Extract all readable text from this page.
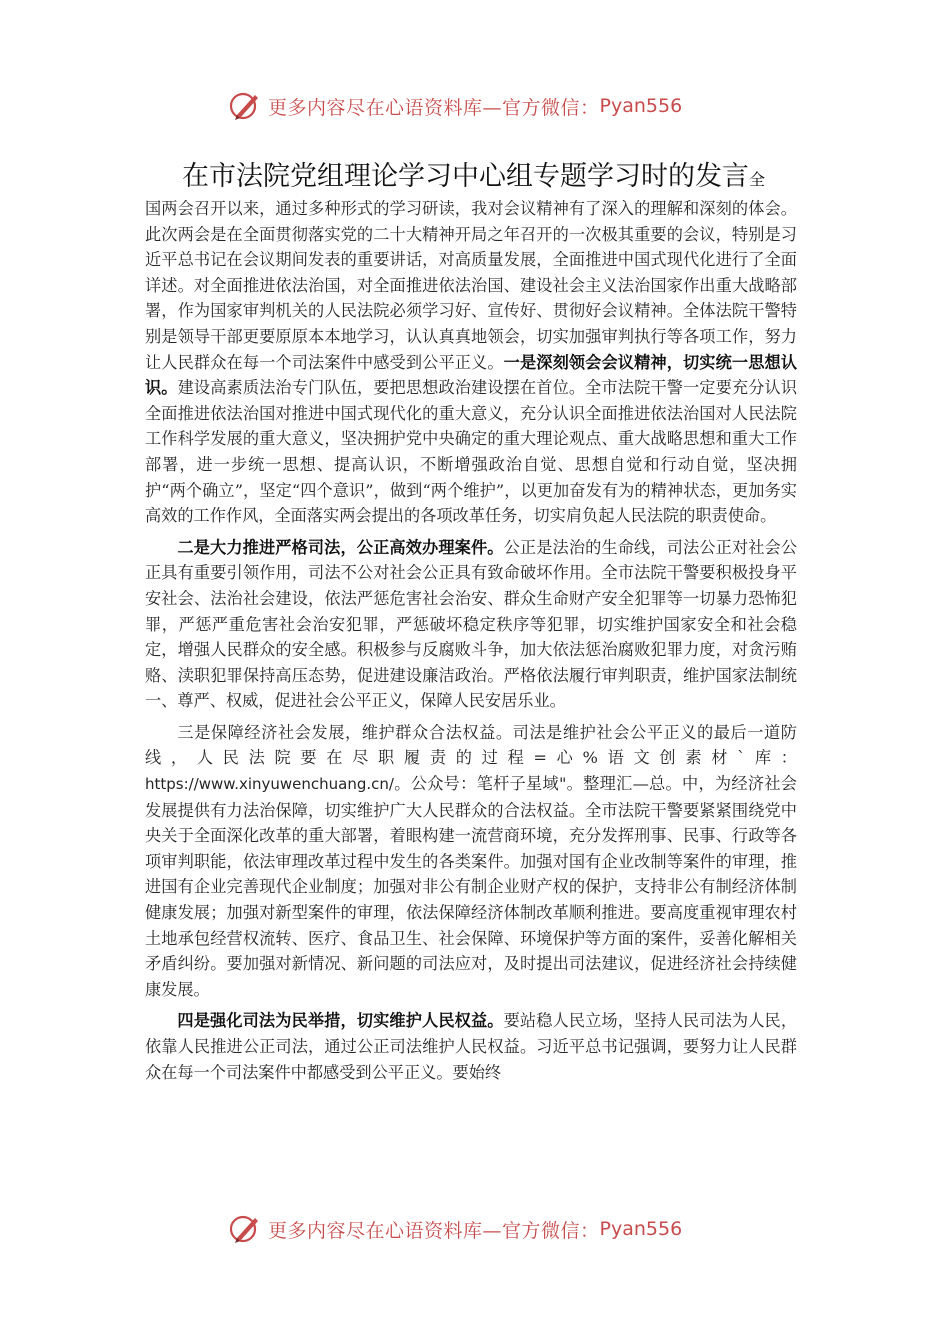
更多内容尽在心语资料库—官方微信： Pyan556
在市法院党组理论学习中心组专题学习时的发言全

国两会召开以来，通过多种形式的学习研读，我对会议精神有了深入的理解和深刻的体会。此次两会是在全面贯彻落实党的二十大精神开局之年召开的一次极其重要的会议，特别是习近平总书记在会议期间发表的重要讲话，对高质量发展，全面推进中国式现代化进行了全面详述。对全面推进依法治国，对全面推进依法治国、建设社会主义法治国家作出重大战略部署，作为国家审判机关的人民法院必须学习好、宣传好、贯彻好会议精神。全体法院干警特别是领导干部更要原原本本地学习，认认真真地领会，切实加强审判执行等各项工作，努力让人民群众在每一个司法案件中感受到公平正义。一是深刻领会会议精神，切实统一思想认识。建设高素质法治专门队伍，要把思想政治建设摆在首位。全市法院干警一定要充分认识全面推进依法治国对推进中国式现代化的重大意义，充分认识全面推进依法治国对人民法院工作科学发展的重大意义，坚决拥护党中央确定的重大理论观点、重大战略思想和重大工作部署，进一步统一思想、提高认识，不断增强政治自觉、思想自觉和行动自觉，坚决拥护“两个确立”，坚定“四个意识”，做到“两个维护”，以更加奋发有为的精神状态，更加务实高效的工作作风，全面落实两会提出的各项改革任务，切实肩负起人民法院的职责使命。

二是大力推进严格司法，公正高效办理案件。公正是法治的生命线，司法公正对社会公正具有重要引领作用，司法不公对社会公正具有致命破坏作用。全市法院干警要积极投身平安社会、法治社会建设，依法严惩危害社会治安、群众生命财产安全犯罪等一切暴力恐怖犯罪，严惩严重危害社会治安犯罪，严惩破坏稳定秩序等犯罪，切实维护国家安全和社会稳定，增强人民群众的安全感。积极参与反腐败斗争，加大依法惩治腐败犯罪力度，对贪污贿赂、渎职犯罪保持高压态势，促进建设廉洁政治。严格依法履行审判职责，维护国家法制统一、尊严、权威，促进社会公平正义，保障人民安居乐业。

三是保障经济社会发展，维护群众合法权益。司法是维护社会公平正义的最后一道防线，人民法院要在尽职履责的过程=心%语文创素材`库：https://www.xinyuwenchuang.cn/。公众号：笔杆子星域"。整理汇—总。中，为经济社会发展提供有力法治保障，切实维护广大人民群众的合法权益。全市法院干警要紧紧围绕党中央关于全面深化改革的重大部署，着眼构建一流营商环境，充分发挥刑事、民事、行政等各项审判职能，依法审理改革过程中发生的各类案件。加强对国有企业改制等案件的审理，推进国有企业完善现代企业制度；加强对非公有制企业财产权的保护，支持非公有制经济体制健康发展；加强对新型案件的审理，依法保障经济体制改革顺利推进。要高度重视审理农村土地承包经营权流转、医疗、食品卫生、社会保障、环境保护等方面的案件，妥善化解相关矛盾纠纷。要加强对新情况、新问题的司法应对，及时提出司法建议，促进经济社会持续健康发展。

四是强化司法为民举措，切实维护人民权益。要站稳人民立场，坚持人民司法为人民，依靠人民推进公正司法，通过公正司法维护人民权益。习近平总书记强调，要努力让人民群众在每一个司法案件中都感受到公平正义。要始终

更多内容尽在心语资料库—官方微信： Pyan556
